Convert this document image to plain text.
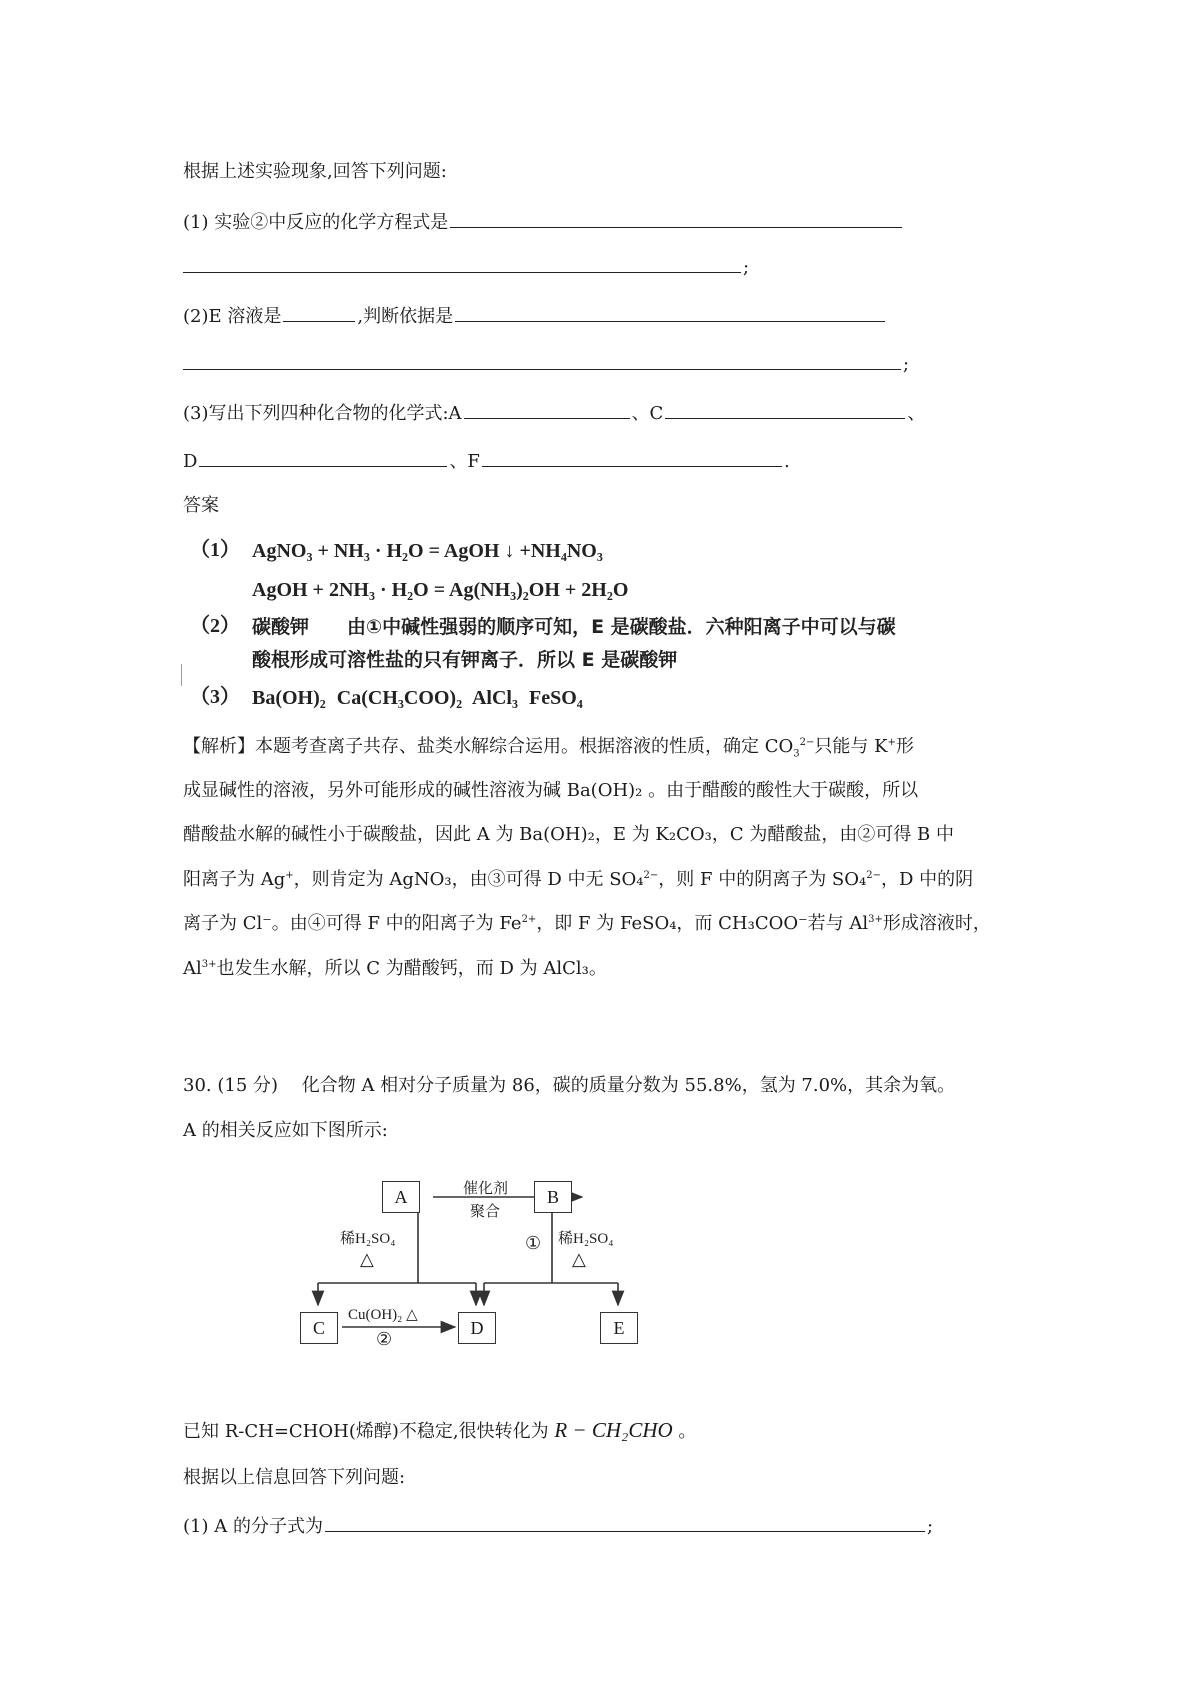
根据上述实验现象,回答下列问题:
(1) 实验②中反应的化学方程式是
;
(2)E 溶液是	,判断依据是
;
(3)写出下列四种化合物的化学式:A	、C	、
D	、F	.
答案
（1） AgNO₃ + NH₃ · H₂O = AgOH ↓ +NH₄NO₃
AgOH + 2NH₃ · H₂O = Ag(NH₃)₂OH + 2H₂O
（2） 碳酸钾　　由①中碱性强弱的顺序可知，E 是碳酸盐．六种阳离子中可以与碳
酸根形成可溶性盐的只有钾离子．所以 E 是碳酸钾
（3） Ba(OH)₂ Ca(CH₃COO)₂ AlCl₃ FeSO₄
【解析】本题考查离子共存、盐类水解综合运用。根据溶液的性质，确定 $CO_3^{2-}$只能与 K+形
成显碱性的溶液，另外可能形成的碱性溶液为碱 Ba(OH)₂ 。由于醋酸的酸性大于碳酸，所以
醋酸盐水解的碱性小于碳酸盐，因此 A 为 Ba(OH)₂，E 为 K₂CO₃，C 为醋酸盐，由②可得 B 中
阳离子为 Ag+，则肯定为 AgNO₃，由③可得 D 中无 SO₄$^{2-}$，则 F 中的阴离子为 SO₄$^{2-}$，D 中的阴
离子为 Cl⁻。由④可得 F 中的阳离子为 $Fe^{2+}$，即 F 为 FeSO₄，而 CH₃COO⁻若与 $Al^{3+}$形成溶液时，
$Al^{3+}$也发生水解，所以 C 为醋酸钙，而 D 为 AlCl₃。
30. (15 分)　 化合物 A 相对分子质量为 86，碳的质量分数为 55.8%，氢为 7.0%，其余为氧。
A 的相关反应如下图所示:
A	B
C	D	E
催化剂
聚合
稀H₂SO₄
△
① 稀H₂SO₄
△
Cu(OH)₂ △
②
已知 R-CH=CHOH(烯醇)不稳定,很快转化为 R − CH₂CHO 。
根据以上信息回答下列问题:
(1) A 的分子式为	;
